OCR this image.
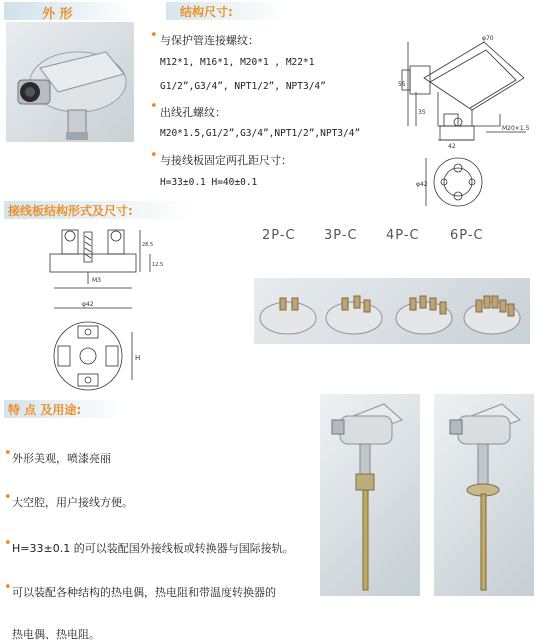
外 形	结构尺寸:
• 与保护管连接螺纹：
M12*1, M16*1, M20*1 , M22*1
G1/2”,G3/4”, NPT1/2”, NPT3/4”
• 出线孔螺纹：
M20*1.5,G1/2”,G3/4”,NPT1/2”,NPT3/4”
• 与接线板固定两孔距尺寸：
H=33±0.1 H=40±0.1
φ70
55
35
42
M20×1.5
φ42
接线板结构形式及尺寸:
M3
φ42
28.5
12.5
H
2P-C 3P-C 4P-C 6P-C
特 点 及用途:
• 外形美观，喷漆亮丽
• 大空腔，用户接线方便。
• H=33±0.1 的可以装配国外接线板或转换器与国际接轨。
• 可以装配各种结构的热电偶，热电阻和带温度转换器的
热电偶、热电阻。
